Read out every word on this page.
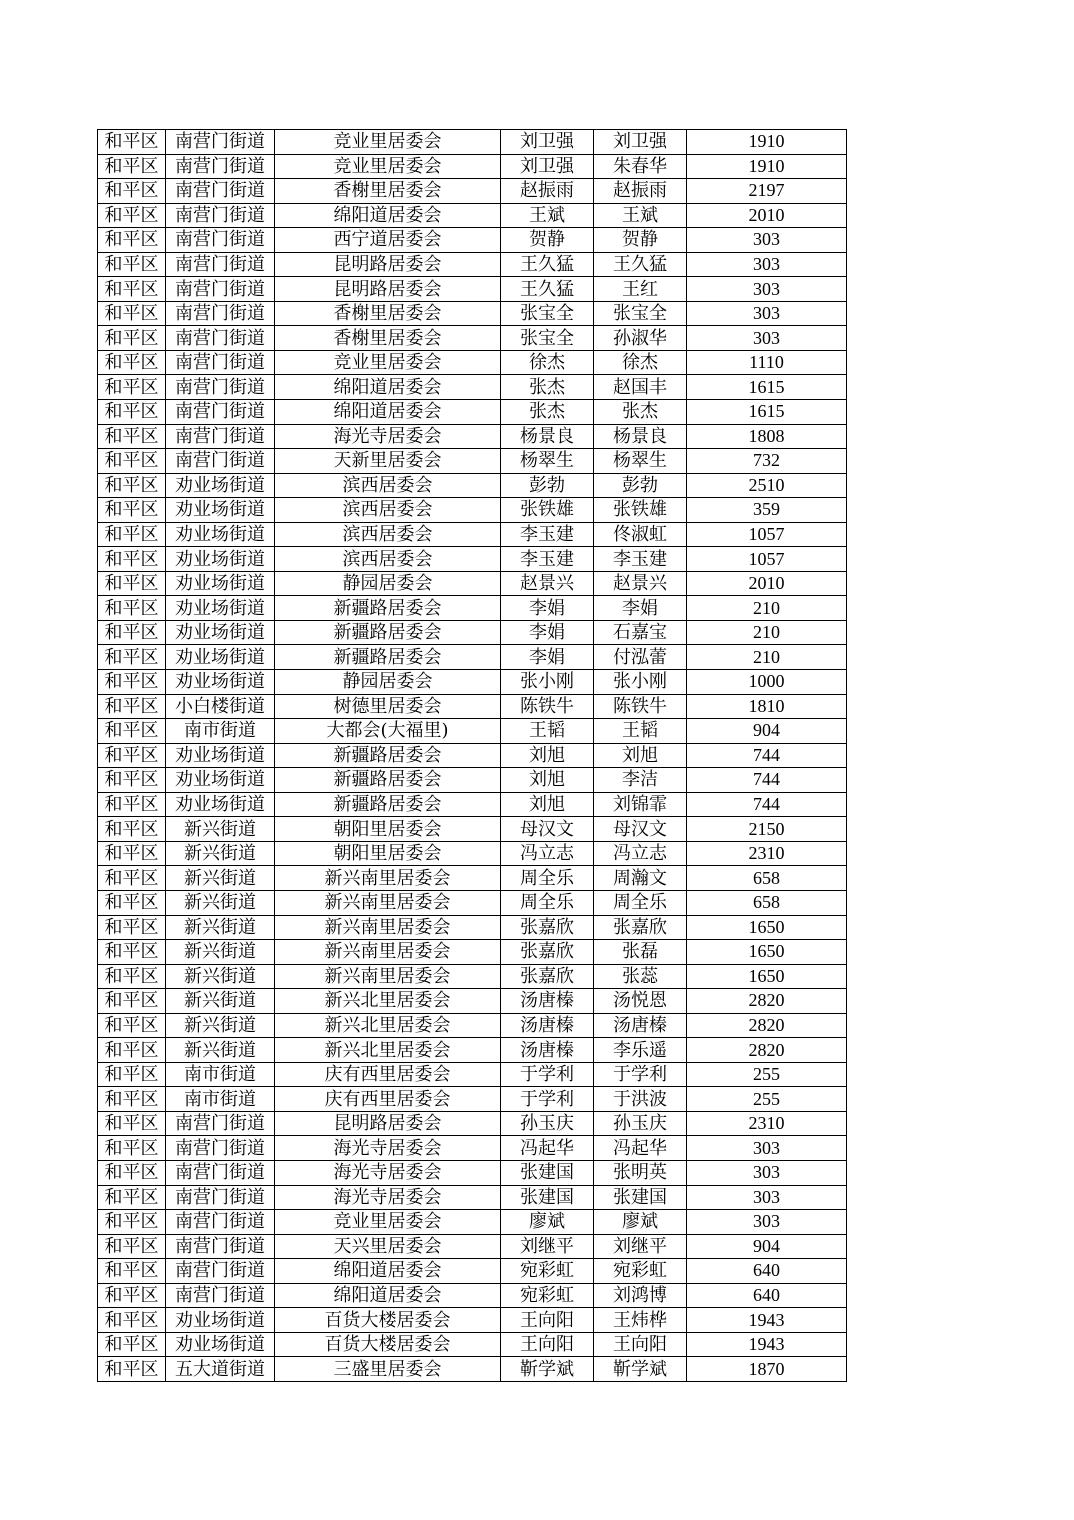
和平区	南营门街道	竞业里居委会	刘卫强	刘卫强	1910
和平区	南营门街道	竞业里居委会	刘卫强	朱春华	1910
和平区	南营门街道	香榭里居委会	赵振雨	赵振雨	2197
和平区	南营门街道	绵阳道居委会	王斌	王斌	2010
和平区	南营门街道	西宁道居委会	贺静	贺静	303
和平区	南营门街道	昆明路居委会	王久猛	王久猛	303
和平区	南营门街道	昆明路居委会	王久猛	王红	303
和平区	南营门街道	香榭里居委会	张宝全	张宝全	303
和平区	南营门街道	香榭里居委会	张宝全	孙淑华	303
和平区	南营门街道	竞业里居委会	徐杰	徐杰	1110
和平区	南营门街道	绵阳道居委会	张杰	赵国丰	1615
和平区	南营门街道	绵阳道居委会	张杰	张杰	1615
和平区	南营门街道	海光寺居委会	杨景良	杨景良	1808
和平区	南营门街道	天新里居委会	杨翠生	杨翠生	732
和平区	劝业场街道	滨西居委会	彭勃	彭勃	2510
和平区	劝业场街道	滨西居委会	张铁雄	张铁雄	359
和平区	劝业场街道	滨西居委会	李玉建	佟淑虹	1057
和平区	劝业场街道	滨西居委会	李玉建	李玉建	1057
和平区	劝业场街道	静园居委会	赵景兴	赵景兴	2010
和平区	劝业场街道	新疆路居委会	李娟	李娟	210
和平区	劝业场街道	新疆路居委会	李娟	石嘉宝	210
和平区	劝业场街道	新疆路居委会	李娟	付泓蕾	210
和平区	劝业场街道	静园居委会	张小刚	张小刚	1000
和平区	小白楼街道	树德里居委会	陈铁牛	陈铁牛	1810
和平区	南市街道	大都会(大福里)	王韬	王韬	904
和平区	劝业场街道	新疆路居委会	刘旭	刘旭	744
和平区	劝业场街道	新疆路居委会	刘旭	李洁	744
和平区	劝业场街道	新疆路居委会	刘旭	刘锦霏	744
和平区	新兴街道	朝阳里居委会	母汉文	母汉文	2150
和平区	新兴街道	朝阳里居委会	冯立志	冯立志	2310
和平区	新兴街道	新兴南里居委会	周全乐	周瀚文	658
和平区	新兴街道	新兴南里居委会	周全乐	周全乐	658
和平区	新兴街道	新兴南里居委会	张嘉欣	张嘉欣	1650
和平区	新兴街道	新兴南里居委会	张嘉欣	张磊	1650
和平区	新兴街道	新兴南里居委会	张嘉欣	张蕊	1650
和平区	新兴街道	新兴北里居委会	汤唐榛	汤悦恩	2820
和平区	新兴街道	新兴北里居委会	汤唐榛	汤唐榛	2820
和平区	新兴街道	新兴北里居委会	汤唐榛	李乐遥	2820
和平区	南市街道	庆有西里居委会	于学利	于学利	255
和平区	南市街道	庆有西里居委会	于学利	于洪波	255
和平区	南营门街道	昆明路居委会	孙玉庆	孙玉庆	2310
和平区	南营门街道	海光寺居委会	冯起华	冯起华	303
和平区	南营门街道	海光寺居委会	张建国	张明英	303
和平区	南营门街道	海光寺居委会	张建国	张建国	303
和平区	南营门街道	竞业里居委会	廖斌	廖斌	303
和平区	南营门街道	天兴里居委会	刘继平	刘继平	904
和平区	南营门街道	绵阳道居委会	宛彩虹	宛彩虹	640
和平区	南营门街道	绵阳道居委会	宛彩虹	刘鸿博	640
和平区	劝业场街道	百货大楼居委会	王向阳	王炜桦	1943
和平区	劝业场街道	百货大楼居委会	王向阳	王向阳	1943
和平区	五大道街道	三盛里居委会	靳学斌	靳学斌	1870
